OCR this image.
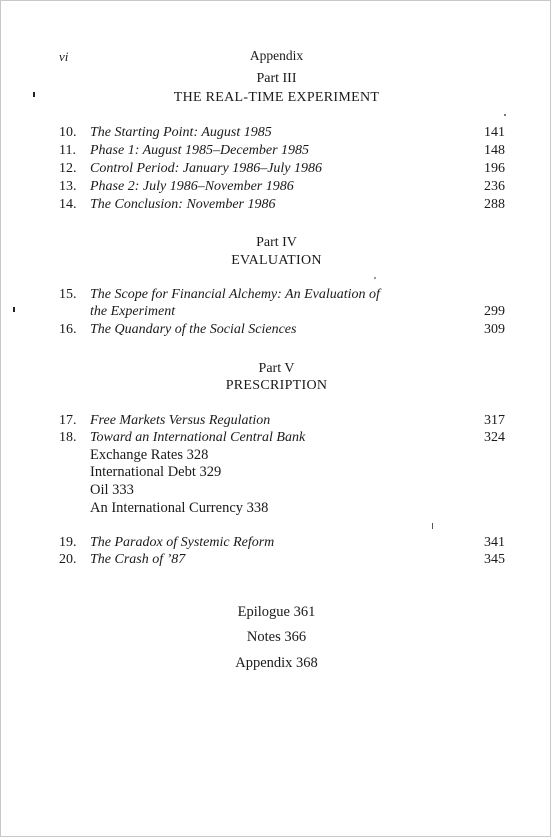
vi	Appendix
Part III
THE REAL-TIME EXPERIMENT
10. The Starting Point: August 1985	141
11. Phase 1: August 1985–December 1985	148
12. Control Period: January 1986–July 1986	196
13. Phase 2: July 1986–November 1986	236
14. The Conclusion: November 1986	288
Part IV
EVALUATION
15. The Scope for Financial Alchemy: An Evaluation of
the Experiment	299
16. The Quandary of the Social Sciences	309
Part V
PRESCRIPTION
17. Free Markets Versus Regulation	317
18. Toward an International Central Bank	324
Exchange Rates 328
International Debt 329
Oil 333
An International Currency 338
19. The Paradox of Systemic Reform	341
20. The Crash of ’87	345
Epilogue 361
Notes 366
Appendix 368
